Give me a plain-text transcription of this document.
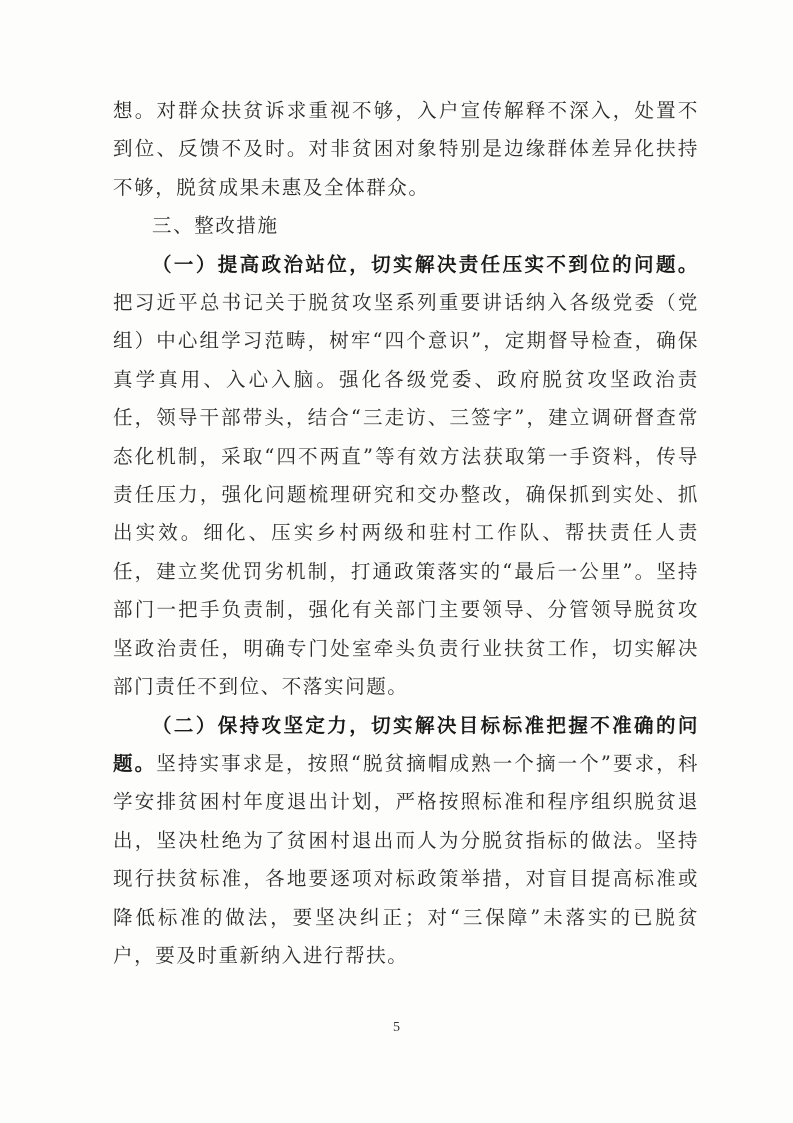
想。对群众扶贫诉求重视不够，入户宣传解释不深入，处置不到位、反馈不及时。对非贫困对象特别是边缘群体差异化扶持不够，脱贫成果未惠及全体群众。

三、整改措施

（一）提高政治站位，切实解决责任压实不到位的问题。把习近平总书记关于脱贫攻坚系列重要讲话纳入各级党委（党组）中心组学习范畴，树牢“四个意识”，定期督导检查，确保真学真用、入心入脑。强化各级党委、政府脱贫攻坚政治责任，领导干部带头，结合“三走访、三签字”，建立调研督查常态化机制，采取“四不两直”等有效方法获取第一手资料，传导责任压力，强化问题梳理研究和交办整改，确保抓到实处、抓出实效。细化、压实乡村两级和驻村工作队、帮扶责任人责任，建立奖优罚劣机制，打通政策落实的“最后一公里”。坚持部门一把手负责制，强化有关部门主要领导、分管领导脱贫攻坚政治责任，明确专门处室牵头负责行业扶贫工作，切实解决部门责任不到位、不落实问题。

（二）保持攻坚定力，切实解决目标标准把握不准确的问题。坚持实事求是，按照“脱贫摘帽成熟一个摘一个”要求，科学安排贫困村年度退出计划，严格按照标准和程序组织脱贫退出，坚决杜绝为了贫困村退出而人为分脱贫指标的做法。坚持现行扶贫标准，各地要逐项对标政策举措，对盲目提高标准或降低标准的做法，要坚决纠正；对“三保障”未落实的已脱贫户，要及时重新纳入进行帮扶。

5
